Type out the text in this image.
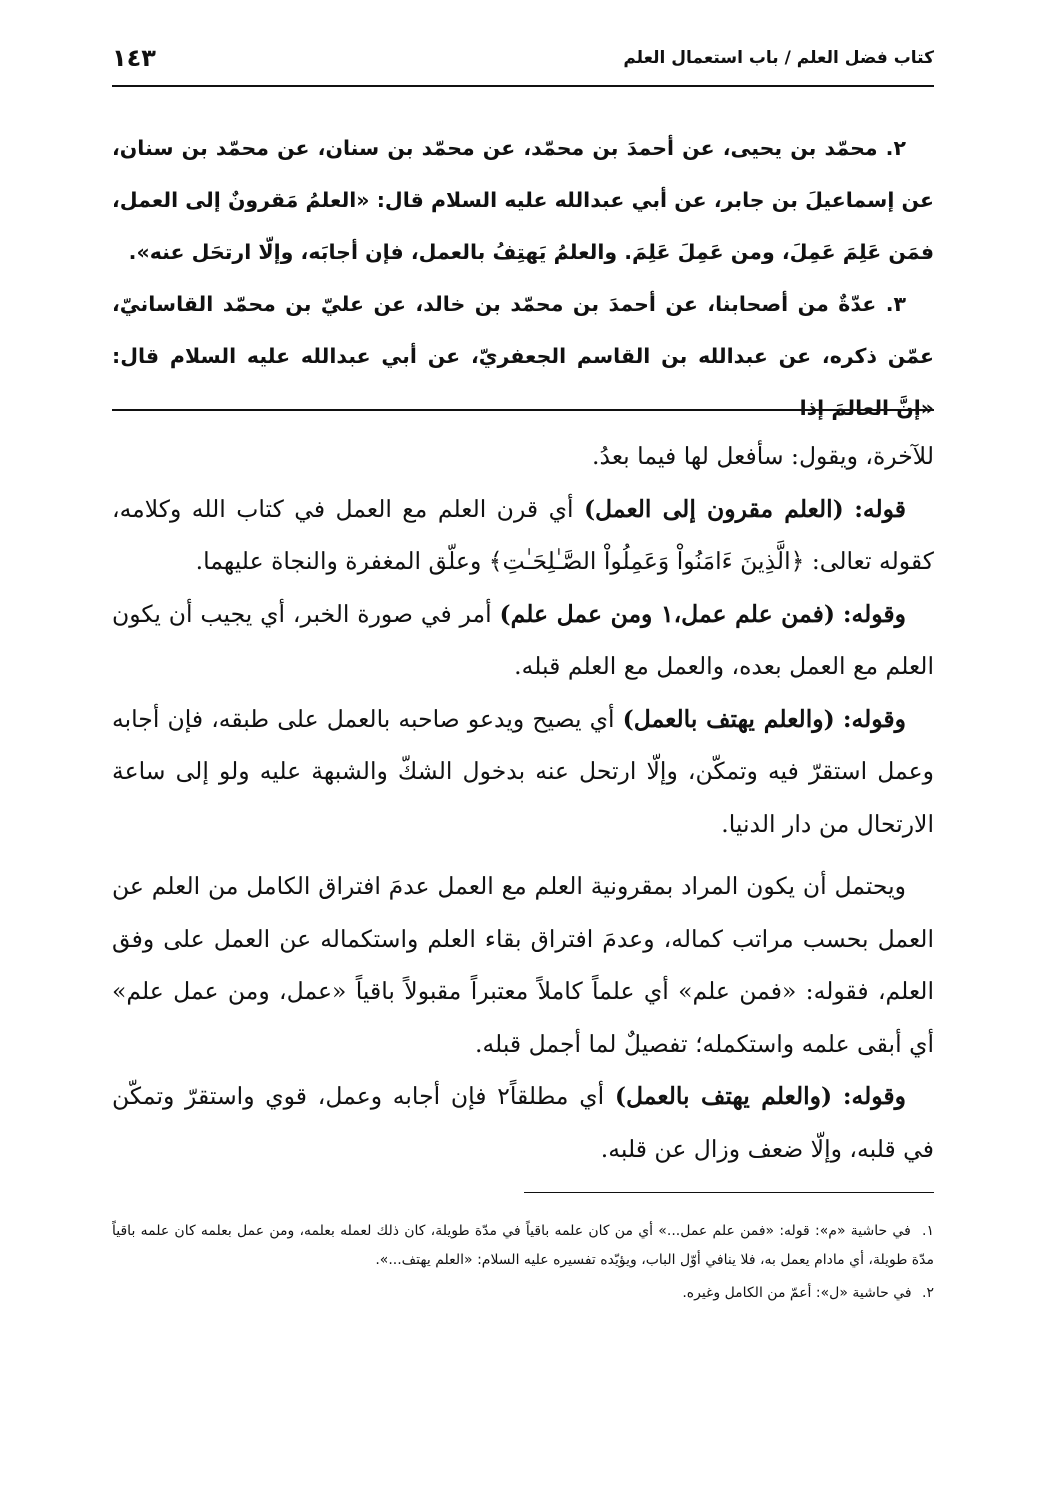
كتاب فضل العلم / باب استعمال العلم
١٤٣

٢. محمّد بن يحيى، عن أحمدَ بن محمّد، عن محمّد بن سنان، عن محمّد بن سنان، عن إسماعيلَ بن جابر، عن أبي عبدالله عليه السلام قال: «العلمُ مَقرونٌ إلى العمل، فمَن عَلِمَ عَمِلَ، ومن عَمِلَ عَلِمَ. والعلمُ يَهتِفُ بالعمل، فإن أجابَه، وإلّا ارتحَل عنه».

٣. عدّةٌ من أصحابنا، عن أحمدَ بن محمّد بن خالد، عن عليّ بن محمّد القاسانيّ، عمّن ذكره، عن عبدالله بن القاسم الجعفريّ، عن أبي عبدالله عليه السلام قال: «إنَّ العالمَ إذا

للآخرة، ويقول: سأفعل لها فيما بعدُ.

قوله: (العلم مقرون إلى العمل) أي قرن العلم مع العمل في كتاب الله وكلامه، كقوله تعالى: ﴿الَّذِينَ ءَامَنُواْ وَعَمِلُواْ الصَّـٰلِحَـٰتِ﴾ وعلّق المغفرة والنجاة عليهما.

وقوله: (فمن علم عمل،١ ومن عمل علم) أمر في صورة الخبر، أي يجيب أن يكون العلم مع العمل بعده، والعمل مع العلم قبله.

وقوله: (والعلم يهتف بالعمل) أي يصيح ويدعو صاحبه بالعمل على طبقه، فإن أجابه وعمل استقرّ فيه وتمكّن، وإلّا ارتحل عنه بدخول الشكّ والشبهة عليه ولو إلى ساعة الارتحال من دار الدنيا.

ويحتمل أن يكون المراد بمقرونية العلم مع العمل عدمَ افتراق الكامل من العلم عن العمل بحسب مراتب كماله، وعدمَ افتراق بقاء العلم واستكماله عن العمل على وفق العلم، فقوله: «فمن علم» أي علماً كاملاً معتبراً مقبولاً باقياً «عمل، ومن عمل علم» أي أبقى علمه واستكمله؛ تفصيلٌ لما أجمل قبله.

وقوله: (والعلم يهتف بالعمل) أي مطلقاً٢ فإن أجابه وعمل، قوي واستقرّ وتمكّن في قلبه، وإلّا ضعف وزال عن قلبه.

١. في حاشية «م»: قوله: «فمن علم عمل...» أي من كان علمه باقياً في مدّة طويلة، كان ذلك لعمله بعلمه، ومن عمل بعلمه كان علمه باقياً مدّة طويلة، أي مادام يعمل به، فلا ينافي أوّل الباب، ويؤيّده تفسيره عليه السلام: «العلم يهتف...».

٢. في حاشية «ل»: أعمّ من الكامل وغيره.
